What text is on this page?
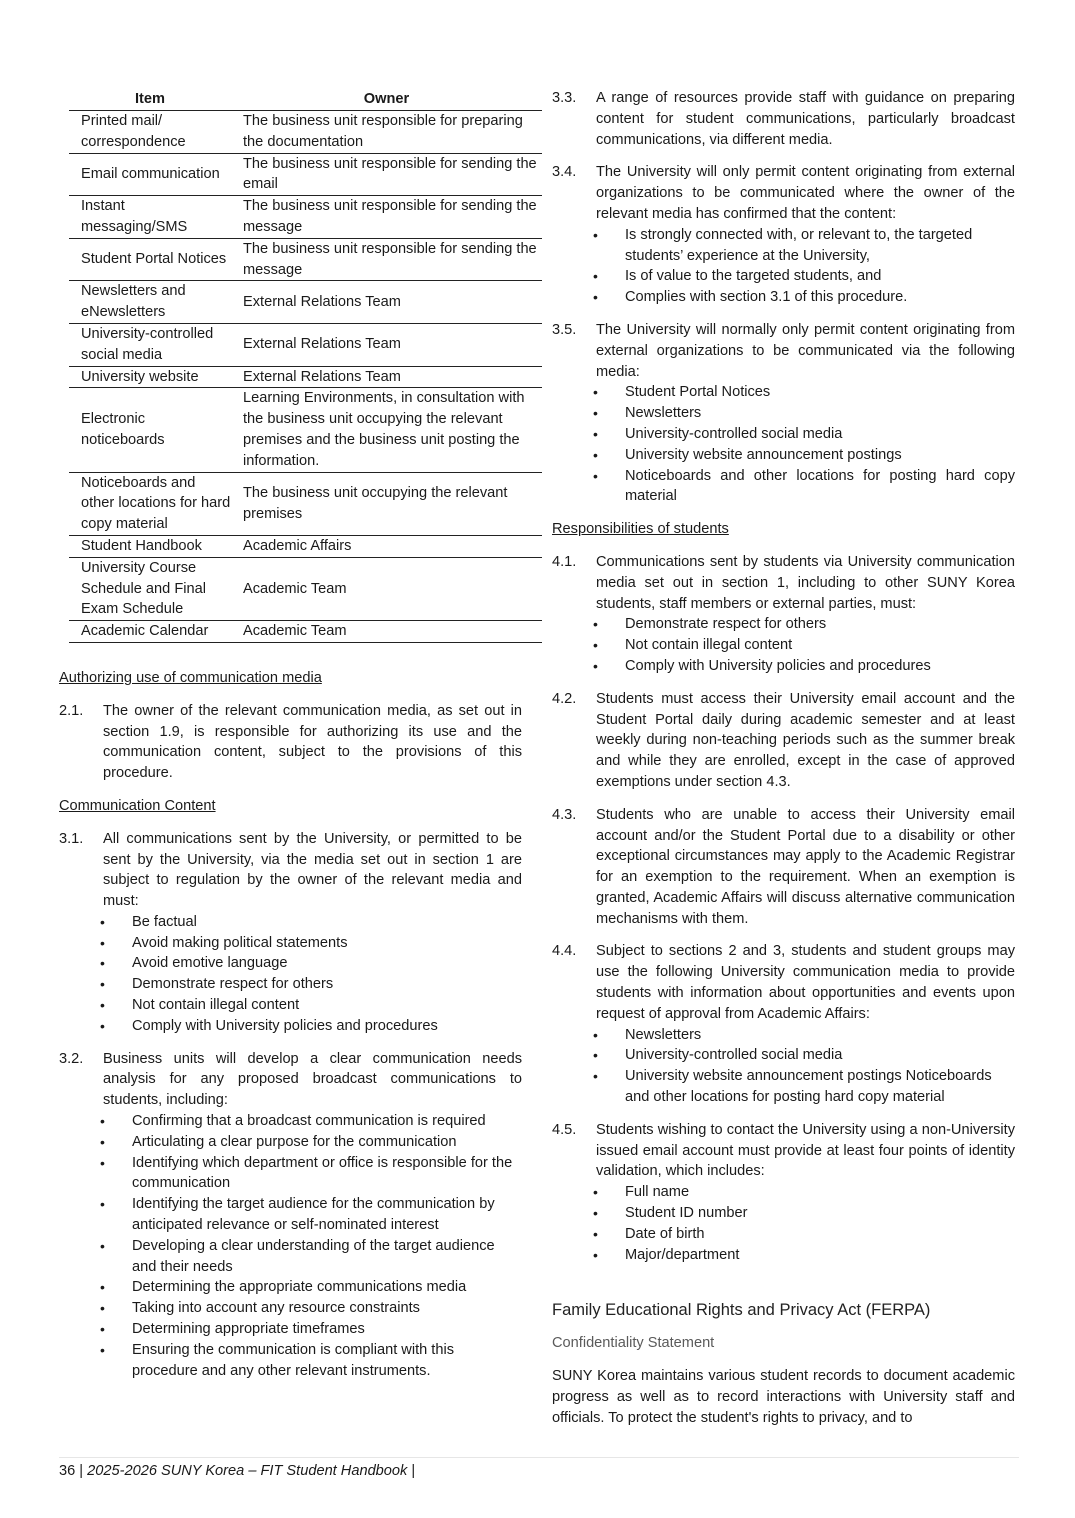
Item	Owner
Printed mail/ correspondence	The business unit responsible for preparing the documentation
Email communication	The business unit responsible for sending the email
Instant messaging/SMS	The business unit responsible for sending the message
Student Portal Notices	The business unit responsible for sending the message
Newsletters and eNewsletters	External Relations Team
University-controlled social media	External Relations Team
University website	External Relations Team
Electronic noticeboards	Learning Environments, in consultation with the business unit occupying the relevant premises and the business unit posting the information.
Noticeboards and other locations for hard copy material	The business unit occupying the relevant premises
Student Handbook	Academic Affairs
University Course Schedule and Final Exam Schedule	Academic Team
Academic Calendar	Academic Team
Authorizing use of communication media
2.1.	The owner of the relevant communication media, as set out in section 1.9, is responsible for authorizing its use and the communication content, subject to the provisions of this procedure.
Communication Content
3.1.	All communications sent by the University, or permitted to be sent by the University, via the media set out in section 1 are subject to regulation by the owner of the relevant media and must:
• Be factual
• Avoid making political statements
• Avoid emotive language
• Demonstrate respect for others
• Not contain illegal content
• Comply with University policies and procedures
3.2.	Business units will develop a clear communication needs analysis for any proposed broadcast communications to students, including:
• Confirming that a broadcast communication is required
• Articulating a clear purpose for the communication
• Identifying which department or office is responsible for the communication
• Identifying the target audience for the communication by anticipated relevance or self-nominated interest
• Developing a clear understanding of the target audience and their needs
• Determining the appropriate communications media
• Taking into account any resource constraints
• Determining appropriate timeframes
• Ensuring the communication is compliant with this procedure and any other relevant instruments.
3.3.	A range of resources provide staff with guidance on preparing content for student communications, particularly broadcast communications, via different media.
3.4.	The University will only permit content originating from external organizations to be communicated where the owner of the relevant media has confirmed that the content:
• Is strongly connected with, or relevant to, the targeted students’ experience at the University,
• Is of value to the targeted students, and
• Complies with section 3.1 of this procedure.
3.5.	The University will normally only permit content originating from external organizations to be communicated via the following media:
• Student Portal Notices
• Newsletters
• University-controlled social media
• University website announcement postings
• Noticeboards and other locations for posting hard copy material
Responsibilities of students
4.1.	Communications sent by students via University communication media set out in section 1, including to other SUNY Korea students, staff members or external parties, must:
• Demonstrate respect for others
• Not contain illegal content
• Comply with University policies and procedures
4.2.	Students must access their University email account and the Student Portal daily during academic semester and at least weekly during non-teaching periods such as the summer break and while they are enrolled, except in the case of approved exemptions under section 4.3.
4.3.	Students who are unable to access their University email account and/or the Student Portal due to a disability or other exceptional circumstances may apply to the Academic Registrar for an exemption to the requirement. When an exemption is granted, Academic Affairs will discuss alternative communication mechanisms with them.
4.4.	Subject to sections 2 and 3, students and student groups may use the following University communication media to provide students with information about opportunities and events upon request of approval from Academic Affairs:
• Newsletters
• University-controlled social media
• University website announcement postings Noticeboards and other locations for posting hard copy material
4.5.	Students wishing to contact the University using a non-University issued email account must provide at least four points of identity validation, which includes:
• Full name
• Student ID number
• Date of birth
• Major/department
Family Educational Rights and Privacy Act (FERPA)
Confidentiality Statement
SUNY Korea maintains various student records to document academic progress as well as to record interactions with University staff and officials. To protect the student's rights to privacy, and to
36 | 2025-2026 SUNY Korea – FIT Student Handbook |
